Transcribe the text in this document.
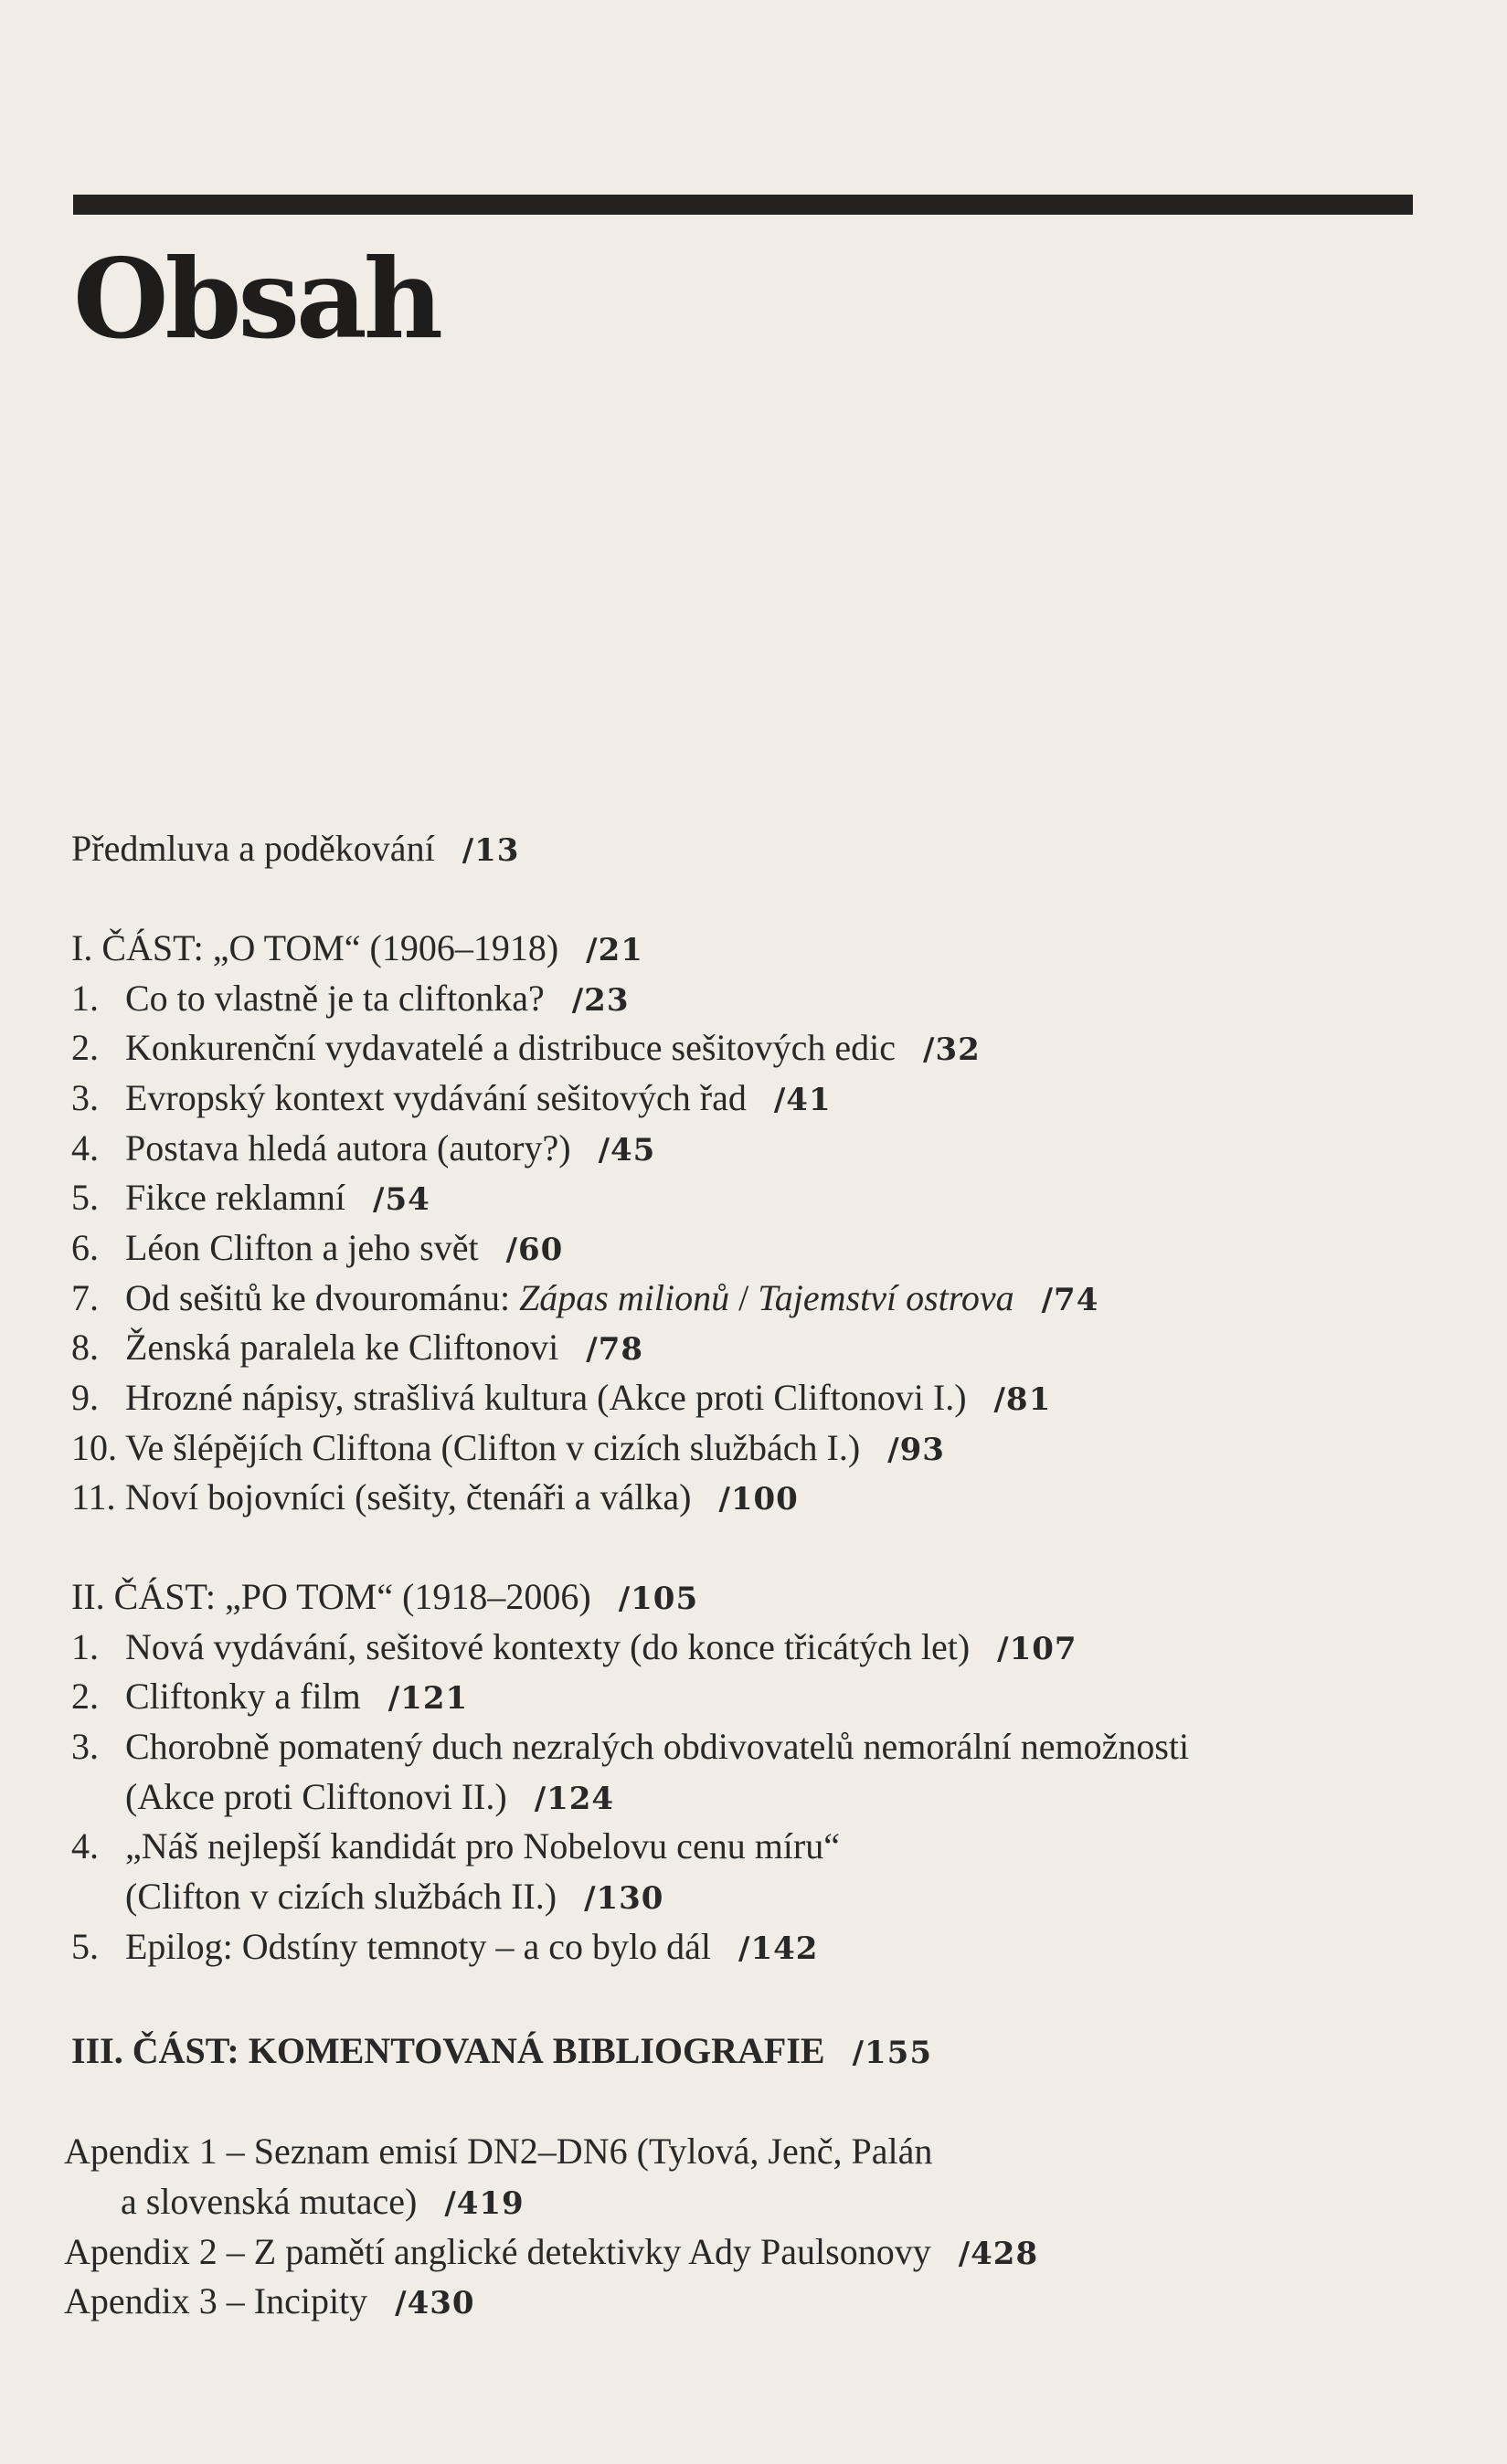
Obsah
Předmluva a poděkování /13
I. ČÁST: „O TOM“ (1906–1918) /21
1. Co to vlastně je ta cliftonka? /23
2. Konkurenční vydavatelé a distribuce sešitových edic /32
3. Evropský kontext vydávání sešitových řad /41
4. Postava hledá autora (autory?) /45
5. Fikce reklamní /54
6. Léon Clifton a jeho svět /60
7. Od sešitů ke dvourománu: Zápas milionů / Tajemství ostrova /74
8. Ženská paralela ke Cliftonovi /78
9. Hrozné nápisy, strašlivá kultura (Akce proti Cliftonovi I.) /81
10. Ve šlépějích Cliftona (Clifton v cizích službách I.) /93
11. Noví bojovníci (sešity, čtenáři a válka) /100
II. ČÁST: „PO TOM“ (1918–2006) /105
1. Nová vydávání, sešitové kontexty (do konce třicátých let) /107
2. Cliftonky a film /121
3. Chorobně pomatený duch nezralých obdivovatelů nemorální nemožnosti
(Akce proti Cliftonovi II.) /124
4. „Náš nejlepší kandidát pro Nobelovu cenu míru“
(Clifton v cizích službách II.) /130
5. Epilog: Odstíny temnoty – a co bylo dál /142
III. ČÁST: KOMENTOVANÁ BIBLIOGRAFIE /155
Apendix 1 – Seznam emisí DN2–DN6 (Tylová, Jenč, Palán
a slovenská mutace) /419
Apendix 2 – Z pamětí anglické detektivky Ady Paulsonovy /428
Apendix 3 – Incipity /430
